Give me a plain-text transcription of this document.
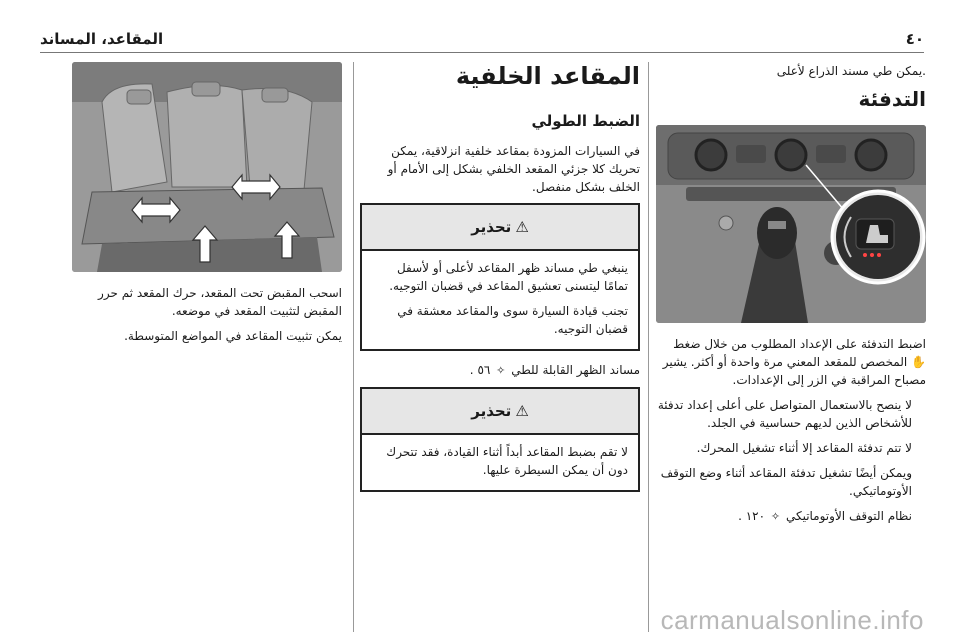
٤٠
المقاعد، المساند

.يمكن طي مسند الذراع لأعلى

التدفئة

اضبط التدفئة على الإعداد المطلوب من خلال ضغط ✋ المخصص للمقعد المعني مرة واحدة أو أكثر. يشير مصباح المراقبة في الزر إلى الإعدادات.

لا ينصح بالاستعمال المتواصل على أعلى إعداد تدفئة للأشخاص الذين لديهم حساسية في الجلد.

لا تتم تدفئة المقاعد إلا أثناء تشغيل المحرك.

ويمكن أيضًا تشغيل تدفئة المقاعد أثناء وضع التوقف الأوتوماتيكي.

نظام التوقف الأوتوماتيكي ✧ ١٢٠ .

المقاعد الخلفية
الضبط الطولي

في السيارات المزودة بمقاعد خلفية انزلاقية، يمكن تحريك كلا جزئي المقعد الخلفي بشكل إلى الأمام أو الخلف بشكل منفصل.

⚠
تحذير

ينبغي طي مساند ظهر المقاعد لأعلى أو لأسفل تمامًا ليتسنى تعشيق المقاعد في قضبان التوجيه.

تجنب قيادة السيارة سوى والمقاعد معشقة في قضبان التوجيه.

مساند الظهر القابلة للطي ✧ ٥٦ .

⚠
تحذير

لا تقم بضبط المقاعد أبداً أثناء القيادة، فقد تتحرك دون أن يمكن السيطرة عليها.

اسحب المقبض تحت المقعد، حرك المقعد ثم حرر المقبض لتثبيت المقعد في موضعه.

يمكن تثبيت المقاعد في المواضع المتوسطة.

carmanualsonline.info
